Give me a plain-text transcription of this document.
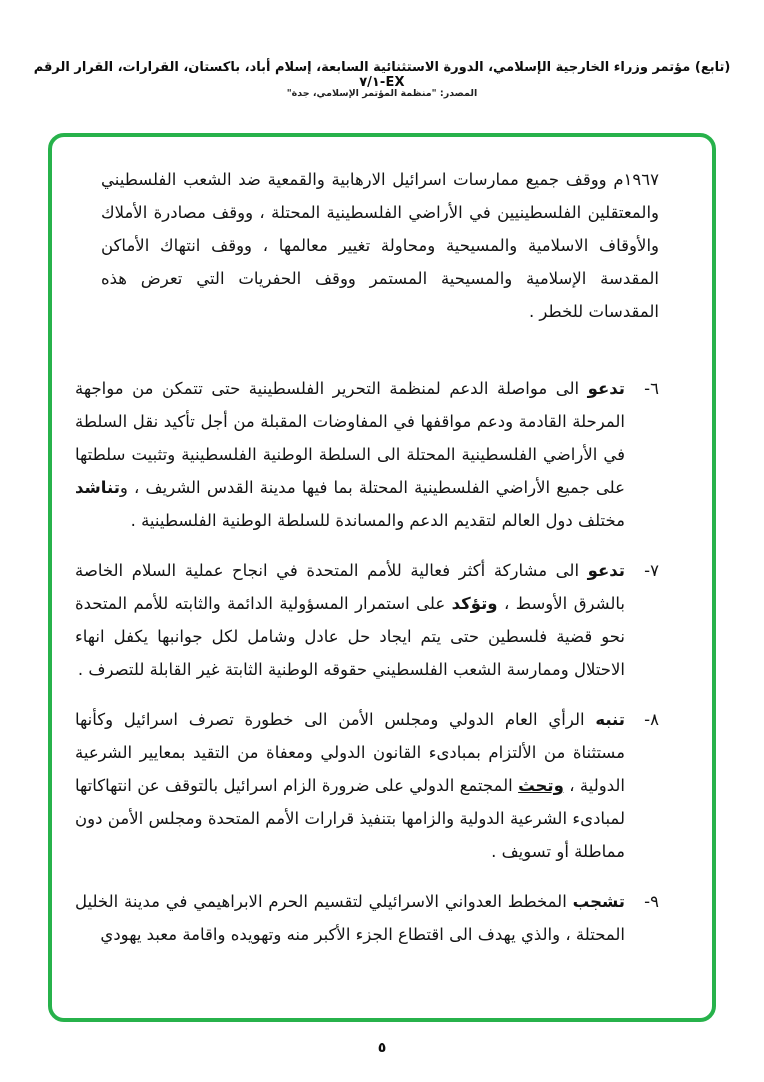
(تابع) مؤتمر وزراء الخارجية الإسلامي، الدورة الاستثنائية السابعة، إسلام أباد، باكستان، القرارات، القرار الرقم EX-٧/١
المصدر: "منظمة المؤتمر الإسلامي، جدة"

١٩٦٧م ووقف جميع ممارسات اسرائيل الارهابية والقمعية ضد الشعب الفلسطيني والمعتقلين الفلسطينيين في الأراضي الفلسطينية المحتلة ، ووقف مصادرة الأملاك والأوقاف الاسلامية والمسيحية ومحاولة تغيير معالمها ، ووقف انتهاك الأماكن المقدسة الإسلامية والمسيحية المستمر ووقف الحفريات التي تعرض هذه المقدسات للخطر .

٦-

تدعو الى مواصلة الدعم لمنظمة التحرير الفلسطينية حتى تتمكن من مواجهة المرحلة القادمة ودعم مواقفها في المفاوضات المقبلة من أجل تأكيد نقل السلطة في الأراضي الفلسطينية المحتلة الى السلطة الوطنية الفلسطينية وتثبيت سلطتها على جميع الأراضي الفلسطينية المحتلة بما فيها مدينة القدس الشريف ، وتناشد مختلف دول العالم لتقديم الدعم والمساندة للسلطة الوطنية الفلسطينية .

٧-

تدعو الى مشاركة أكثر فعالية للأمم المتحدة في انجاح عملية السلام الخاصة بالشرق الأوسط ، وتؤكد على استمرار المسؤولية الدائمة والثابته للأمم المتحدة نحو قضية فلسطين حتى يتم ايجاد حل عادل وشامل لكل جوانبها يكفل انهاء الاحتلال وممارسة الشعب الفلسطيني حقوقه الوطنية الثابتة غير القابلة للتصرف .

٨-

تنبه الرأي العام الدولي ومجلس الأمن الى خطورة تصرف اسرائيل وكأنها مستثناة من الألتزام بمبادىء القانون الدولي ومعفاة من التقيد بمعايير الشرعية الدولية ، وتحث المجتمع الدولي على ضرورة الزام اسرائيل بالتوقف عن انتهاكاتها لمبادىء الشرعية الدولية والزامها بتنفيذ قرارات الأمم المتحدة ومجلس الأمن دون مماطلة أو تسويف .

٩-

تشجب المخطط العدواني الاسرائيلي لتقسيم الحرم الابراهيمي في مدينة الخليل المحتلة ، والذي يهدف الى اقتطاع الجزء الأكبر منه وتهويده واقامة معبد يهودي

٥
